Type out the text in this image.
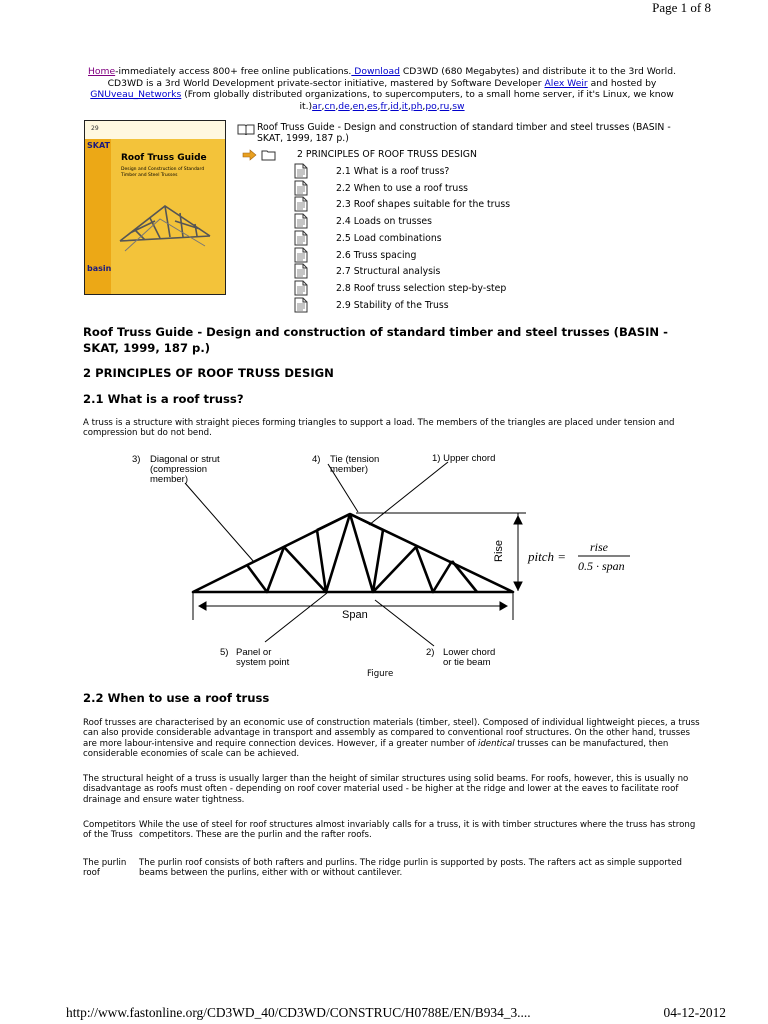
Page 1 of 8
Home-immediately access 800+ free online publications. Download CD3WD (680 Megabytes) and distribute it to the 3rd World. CD3WD is a 3rd World Development private-sector initiative, mastered by Software Developer Alex Weir and hosted by GNUveau_Networks (From globally distributed organizations, to supercomputers, to a small home server, if it's Linux, we know it.)ar,cn,de,en,es,fr,id,it,ph,po,ru,sw
29
SKAT
Roof Truss Guide
Design and Construction of Standard Timber and Steel Trusses
basin
Roof Truss Guide - Design and construction of standard timber and steel trusses (BASIN - SKAT, 1999, 187 p.)
2 PRINCIPLES OF ROOF TRUSS DESIGN
2.1 What is a roof truss?
2.2 When to use a roof truss
2.3 Roof shapes suitable for the truss
2.4 Loads on trusses
2.5 Load combinations
2.6 Truss spacing
2.7 Structural analysis
2.8 Roof truss selection step-by-step
2.9 Stability of the Truss
Roof Truss Guide - Design and construction of standard timber and steel trusses (BASIN - SKAT, 1999, 187 p.)
2 PRINCIPLES OF ROOF TRUSS DESIGN
2.1 What is a roof truss?
A truss is a structure with straight pieces forming triangles to support a load. The members of the triangles are placed under tension and compression but do not bend.
3) Diagonal or strut
(compression
member)
4) Tie (tension
member)
1) Upper chord
Rise pitch =
rise
0.5 · span
Span
5) Panel or
system point
2) Lower chord
or tie beam
Figure
2.2 When to use a roof truss
Roof trusses are characterised by an economic use of construction materials (timber, steel). Composed of individual lightweight pieces, a truss can also provide considerable advantage in transport and assembly as compared to conventional roof structures. On the other hand, trusses are more labour-intensive and require connection devices. However, if a greater number of identical trusses can be manufactured, then considerable economies of scale can be achieved.
The structural height of a truss is usually larger than the height of similar structures using solid beams. For roofs, however, this is usually no disadvantage as roofs must often - depending on roof cover material used - be higher at the ridge and lower at the eaves to facilitate roof drainage and ensure water tightness.
Competitors of the Truss
While the use of steel for roof structures almost invariably calls for a truss, it is with timber structures where the truss has strong competitors. These are the purlin and the rafter roofs.
The purlin roof
The purlin roof consists of both rafters and purlins. The ridge purlin is supported by posts. The rafters act as simple supported beams between the purlins, either with or without cantilever.
http://www.fastonline.org/CD3WD_40/CD3WD/CONSTRUC/H0788E/EN/B934_3....	04-12-2012
